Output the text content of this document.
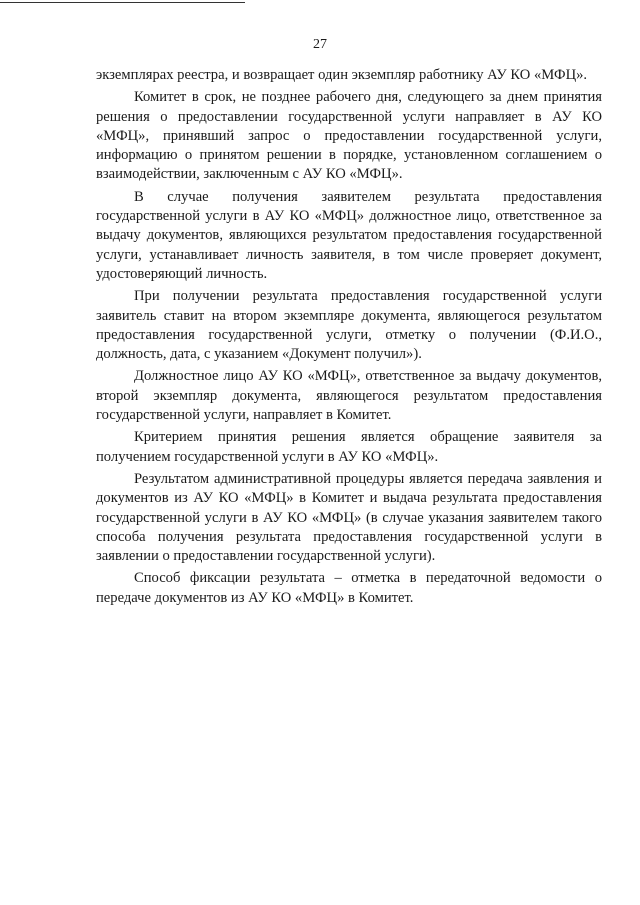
27

экземплярах реестра, и возвращает один экземпляр работнику АУ КО «МФЦ».

Комитет в срок, не позднее рабочего дня, следующего за днем принятия решения о предоставлении государственной услуги направляет в АУ КО «МФЦ», принявший запрос о предоставлении государственной услуги, информацию о принятом решении в порядке, установленном соглашением о взаимодействии, заключенным с АУ КО «МФЦ».

В случае получения заявителем результата предоставления государственной услуги в АУ КО «МФЦ» должностное лицо, ответственное за выдачу документов, являющихся результатом предоставления государственной услуги, устанавливает личность заявителя, в том числе проверяет документ, удостоверяющий личность.

При получении результата предоставления государственной услуги заявитель ставит на втором экземпляре документа, являющегося результатом предоставления государственной услуги, отметку о получении (Ф.И.О., должность, дата, с указанием «Документ получил»).

Должностное лицо АУ КО «МФЦ», ответственное за выдачу документов, второй экземпляр документа, являющегося результатом предоставления государственной услуги, направляет в Комитет.

Критерием принятия решения является обращение заявителя за получением государственной услуги в АУ КО «МФЦ».

Результатом административной процедуры является передача заявления и документов из АУ КО «МФЦ» в Комитет и выдача результата предоставления государственной услуги в АУ КО «МФЦ» (в случае указания заявителем такого способа получения результата предоставления государственной услуги в заявлении о предоставлении государственной услуги).

Способ фиксации результата – отметка в передаточной ведомости о передаче документов из АУ КО «МФЦ» в Комитет.
